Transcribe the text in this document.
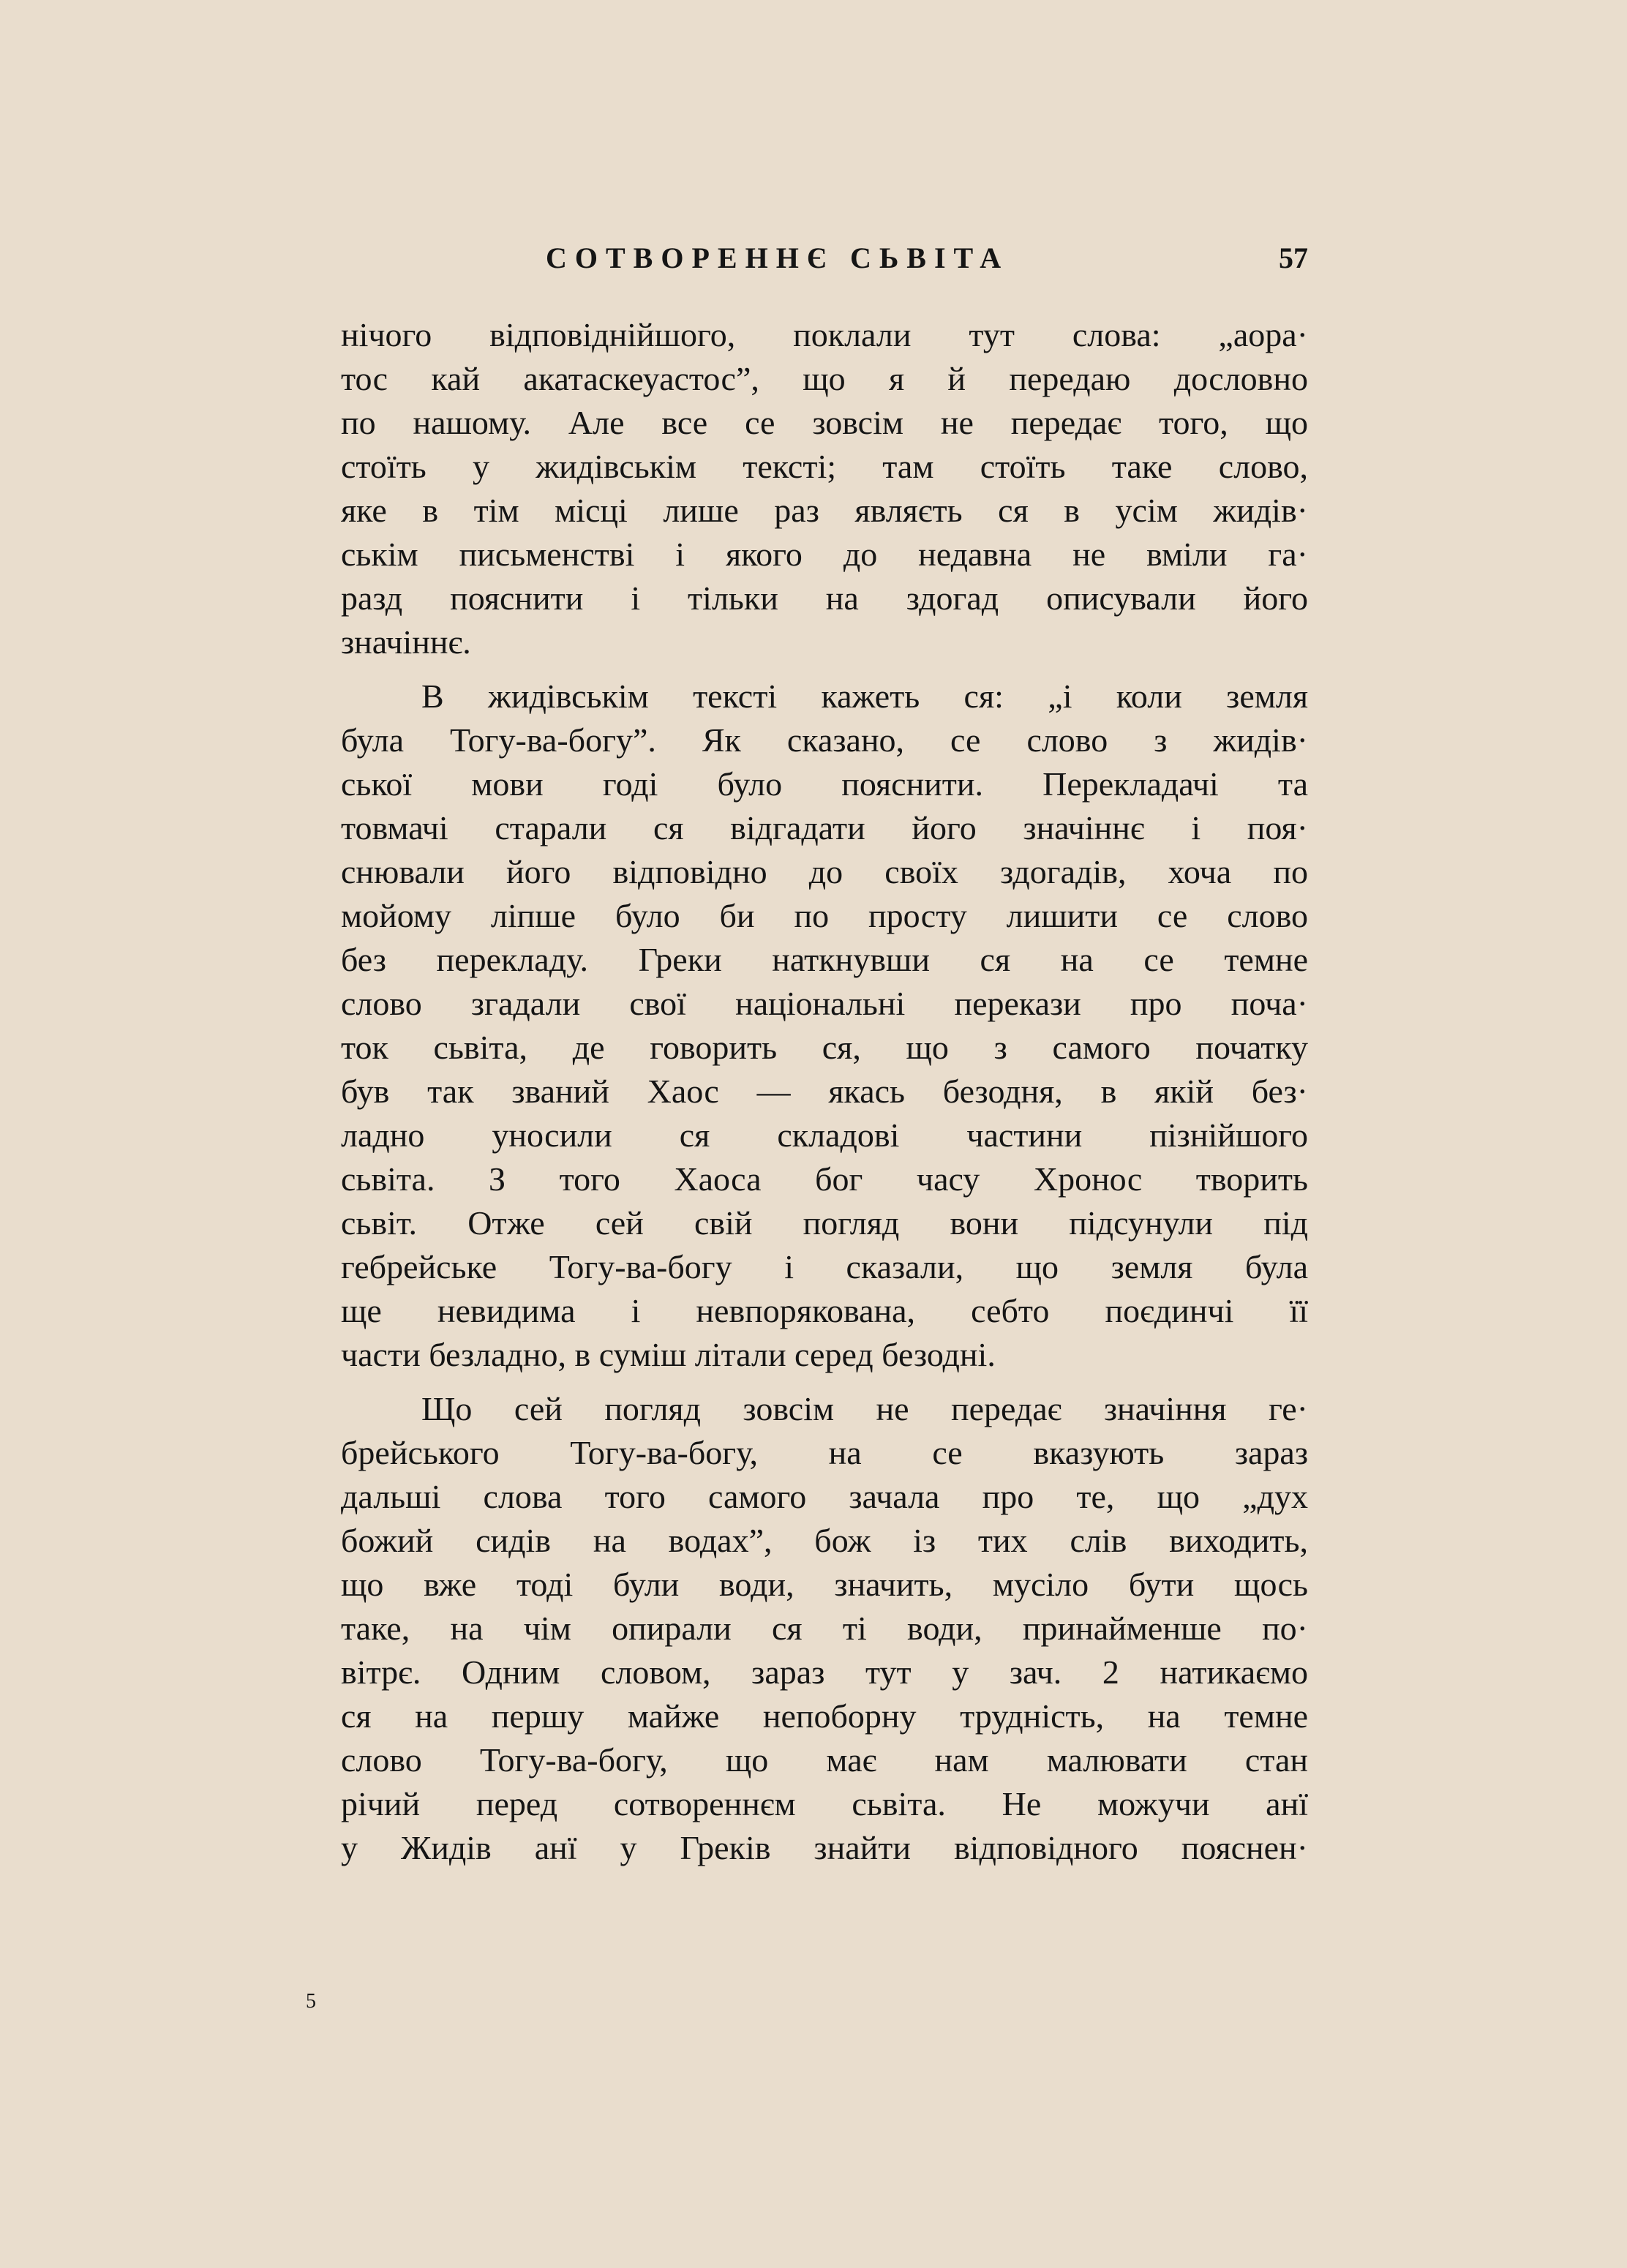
СОТВОРЕННЄ СЬВІТА	57
нічого відповіднійшого, поклали тут слова: „аора·
тос кай акатаскеуастос”, що я й передаю дословно
по нашому. Але все се зовсім не передає того, що
стоїть у жидівськім тексті; там стоїть таке слово,
яке в тім місці лише раз являєть ся в усім жидів·
ськім письменстві і якого до недавна не вміли га·
разд пояснити і тільки на здогад описували його
значіннє.
В жидівськім тексті кажеть ся: „і коли земля
була Тогу-ва-богу”. Як сказано, се слово з жидів·
ської мови годі було пояснити. Перекладачі та
товмачі старали ся відгадати його значіннє і поя·
снювали його відповідно до своїх здогадів, хоча по
мойому ліпше було би по просту лишити се слово
без перекладу. Греки наткнувши ся на се темне
слово згадали свої національні перекази про поча·
ток сьвіта, де говорить ся, що з самого початку
був так званий Хаос — якась безодня, в якій без·
ладно уносили ся складові частини пізнійшого
сьвіта. З того Хаоса бог часу Хронос творить
сьвіт. Отже сей свій погляд вони підсунули під
гебрейське Тогу-ва-богу і сказали, що земля була
ще невидима і невпорякована, себто поєдинчі її
части безладно, в суміш літали серед безодні.
Що сей погляд зовсім не передає значіння ге·
брейського Тогу-ва-богу, на се вказують зараз
дальші слова того самого зачала про те, що „дух
божий сидів на водах”, бож із тих слів виходить,
що вже тоді були води, значить, мусіло бути щось
таке, на чім опирали ся ті води, принайменше по·
вітрє. Одним словом, зараз тут у зач. 2 натикаємо
ся на першу майже непоборну трудність, на темне
слово Тогу-ва-богу, що має нам малювати стан
річий перед сотвореннєм сьвіта. Не можучи анї
у Жидів анї у Греків знайти відповідного пояснен·
5
